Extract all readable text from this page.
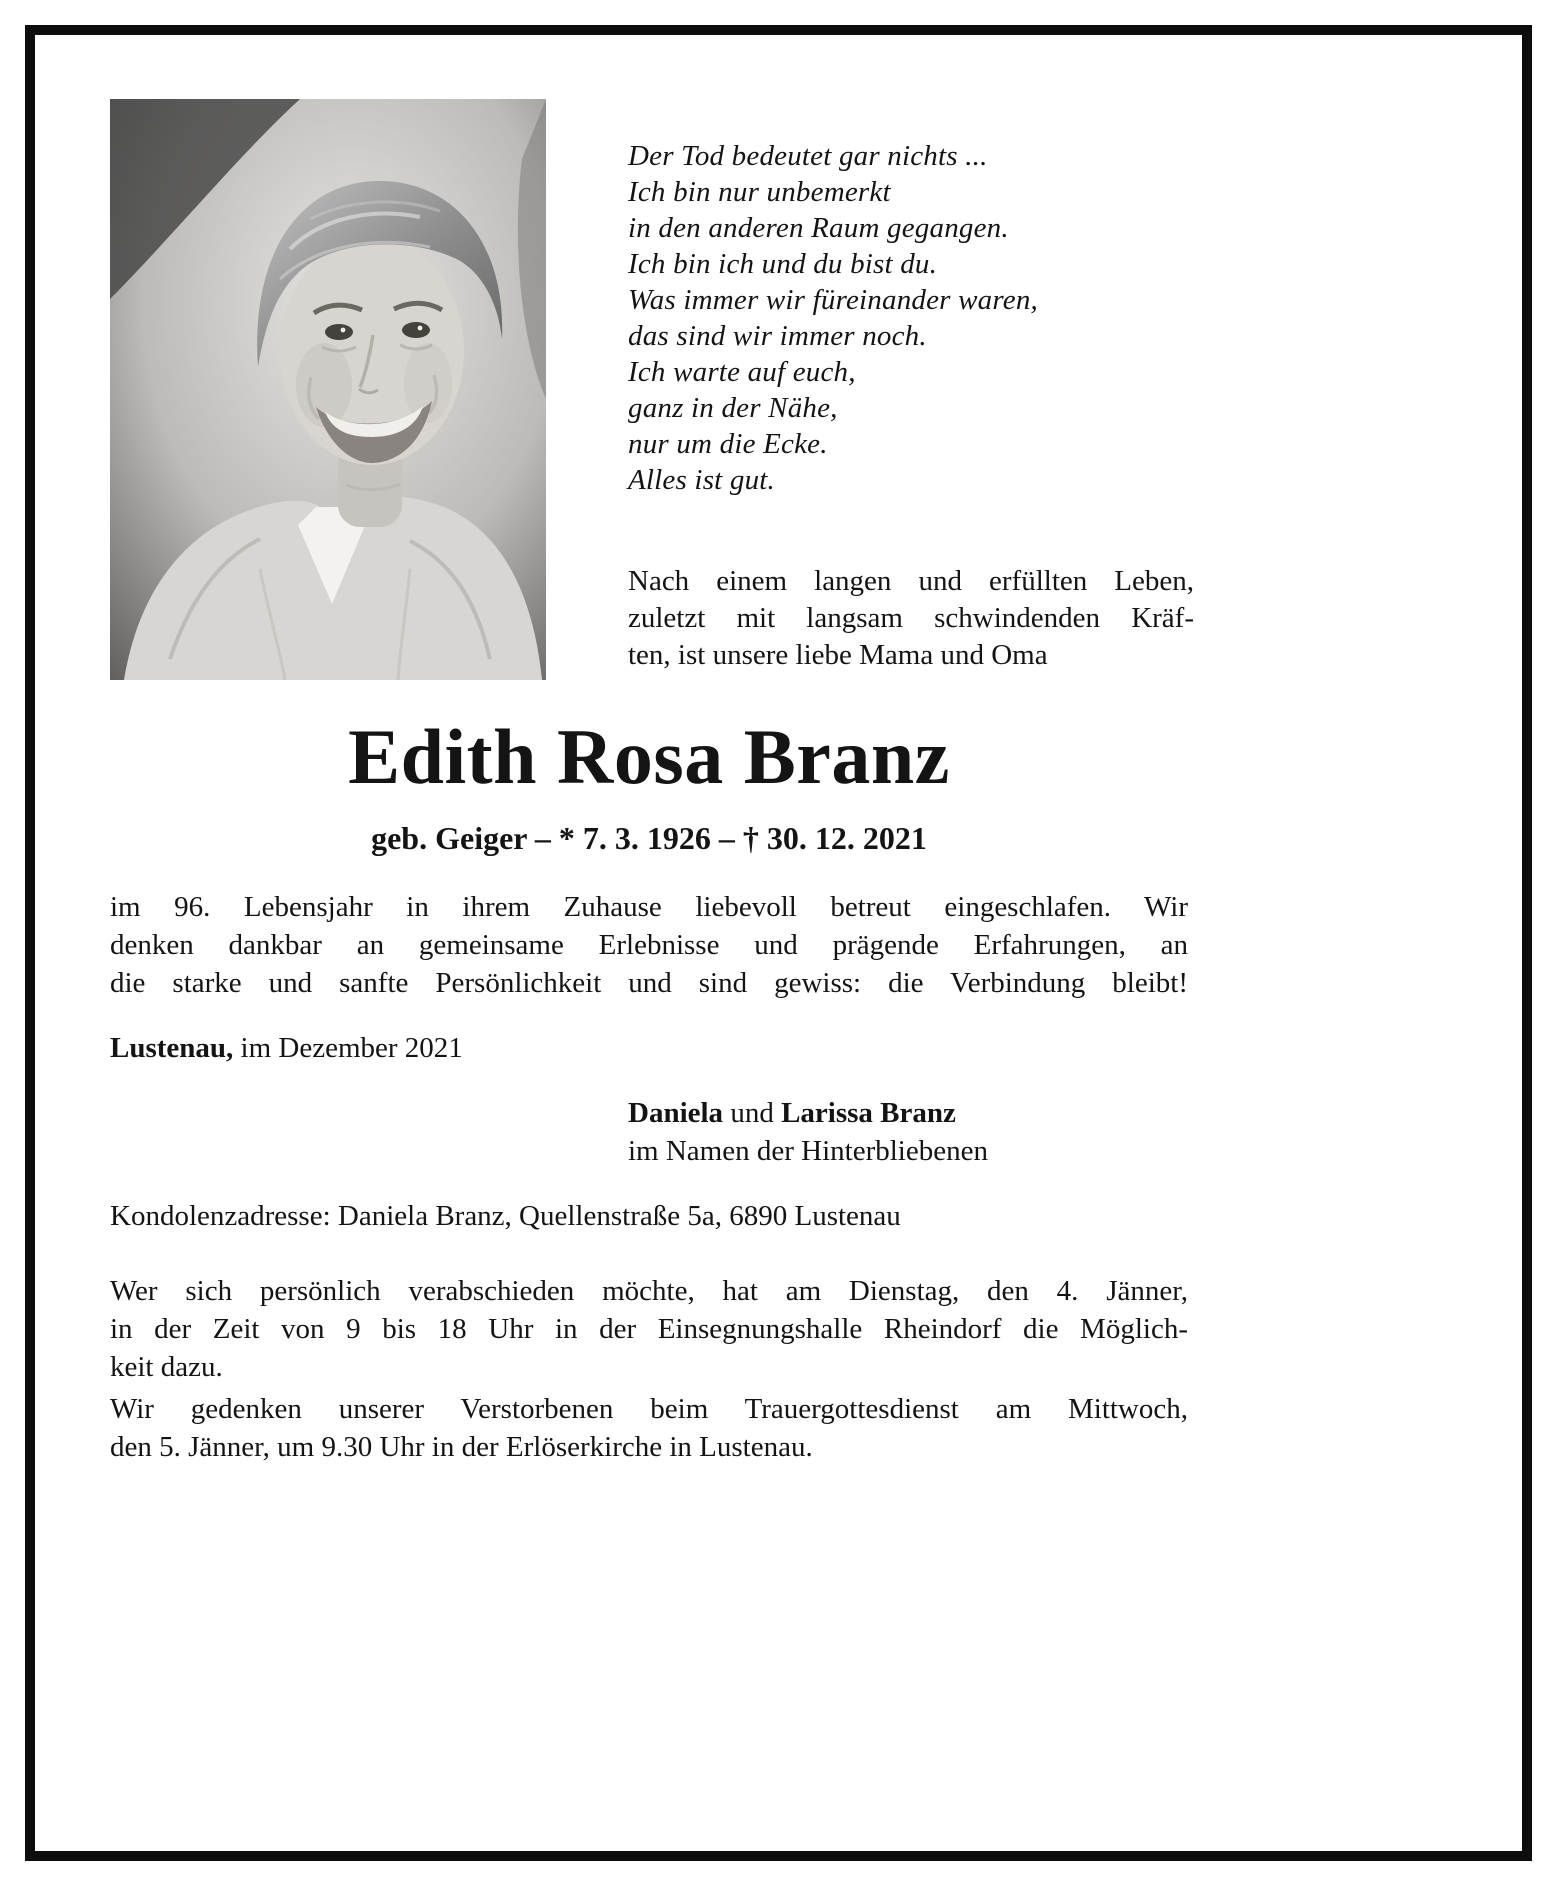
Der Tod bedeutet gar nichts ...
Ich bin nur unbemerkt
in den anderen Raum gegangen.
Ich bin ich und du bist du.
Was immer wir füreinander waren,
das sind wir immer noch.
Ich warte auf euch,
ganz in der Nähe,
nur um die Ecke.
Alles ist gut.
Nach einem langen und erfüllten Leben,
zuletzt mit langsam schwindenden Kräf-
ten, ist unsere liebe Mama und Oma
Edith Rosa Branz
geb. Geiger – * 7. 3. 1926 – † 30. 12. 2021
im 96. Lebensjahr in ihrem Zuhause liebevoll betreut eingeschlafen. Wir
denken dankbar an gemeinsame Erlebnisse und prägende Erfahrungen, an
die starke und sanfte Persönlichkeit und sind gewiss: die Verbindung bleibt!
Lustenau, im Dezember 2021
Daniela und Larissa Branz
im Namen der Hinterbliebenen
Kondolenzadresse: Daniela Branz, Quellenstraße 5a, 6890 Lustenau
Wer sich persönlich verabschieden möchte, hat am Dienstag, den 4. Jänner,
in der Zeit von 9 bis 18 Uhr in der Einsegnungshalle Rheindorf die Möglich-
keit dazu.
Wir gedenken unserer Verstorbenen beim Trauergottesdienst am Mittwoch,
den 5. Jänner, um 9.30 Uhr in der Erlöserkirche in Lustenau.
